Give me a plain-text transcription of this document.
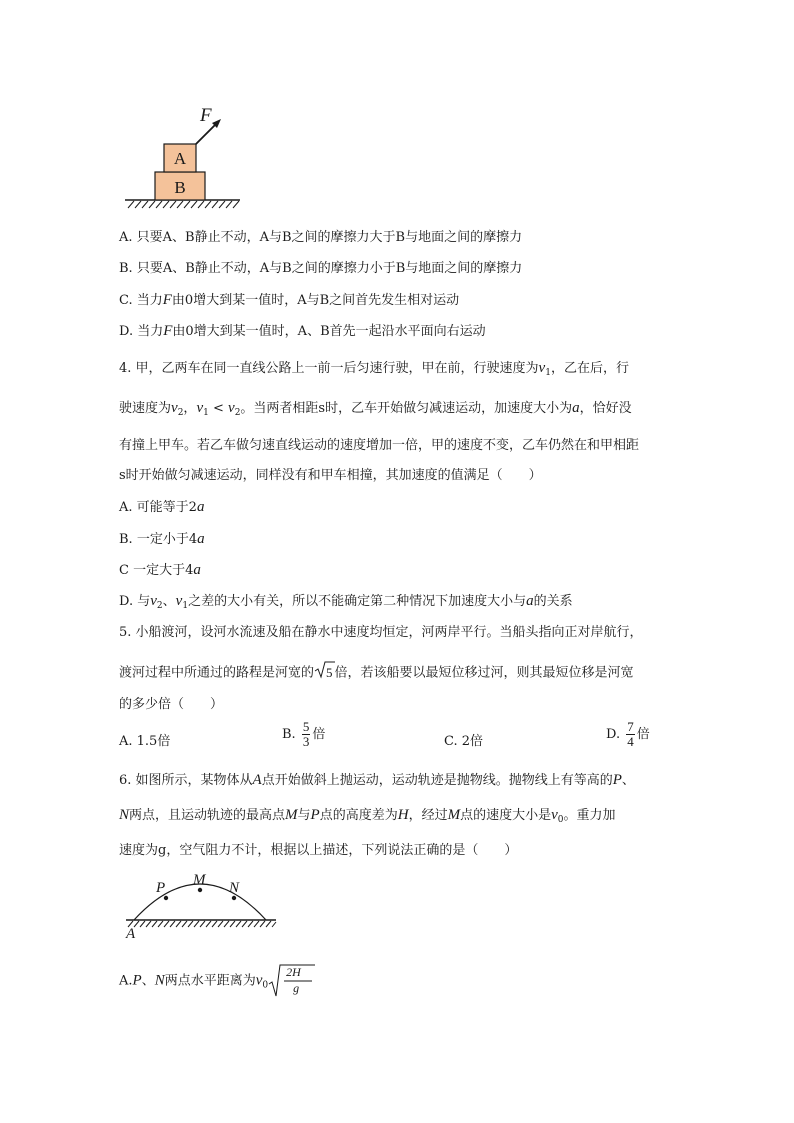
A
B
F
A. 只要A、B静止不动，A与B之间的摩擦力大于B与地面之间的摩擦力
B. 只要A、B静止不动，A与B之间的摩擦力小于B与地面之间的摩擦力
C. 当力F由0增大到某一值时，A与B之间首先发生相对运动
D. 当力F由0增大到某一值时，A、B首先一起沿水平面向右运动
4. 甲，乙两车在同一直线公路上一前一后匀速行驶，甲在前，行驶速度为$v_1$，乙在后，行
驶速度为$v_2$，$v_1 < v_2$。当两者相距s时，乙车开始做匀减速运动，加速度大小为a，恰好没
有撞上甲车。若乙车做匀速直线运动的速度增加一倍，甲的速度不变，乙车仍然在和甲相距
s时开始做匀减速运动，同样没有和甲车相撞，其加速度的值满足（　　）
A. 可能等于2a
B. 一定小于4a
C 一定大于4a
D. 与$v_2$、$v_1$之差的大小有关，所以不能确定第二种情况下加速度大小与a的关系
5. 小船渡河，设河水流速及船在静水中速度均恒定，河两岸平行。当船头指向正对岸航行，
渡河过程中所通过的路程是河宽的 5 倍，若该船要以最短位移过河，则其最短位移是河宽
的多少倍（　　）
A. 1.5倍	B. $\frac{5}{3}$ 倍	C. 2倍	D. $\frac{7}{4}$ 倍
6. 如图所示，某物体从A点开始做斜上抛运动，运动轨迹是抛物线。抛物线上有等高的P、
N两点，且运动轨迹的最高点M与P点的高度差为H，经过M点的速度大小是$v_0$。重力加
速度为g，空气阻力不计，根据以上描述，下列说法正确的是（　　）
P M N
A
A.P、N两点水平距离为$v_0$
2H
g
